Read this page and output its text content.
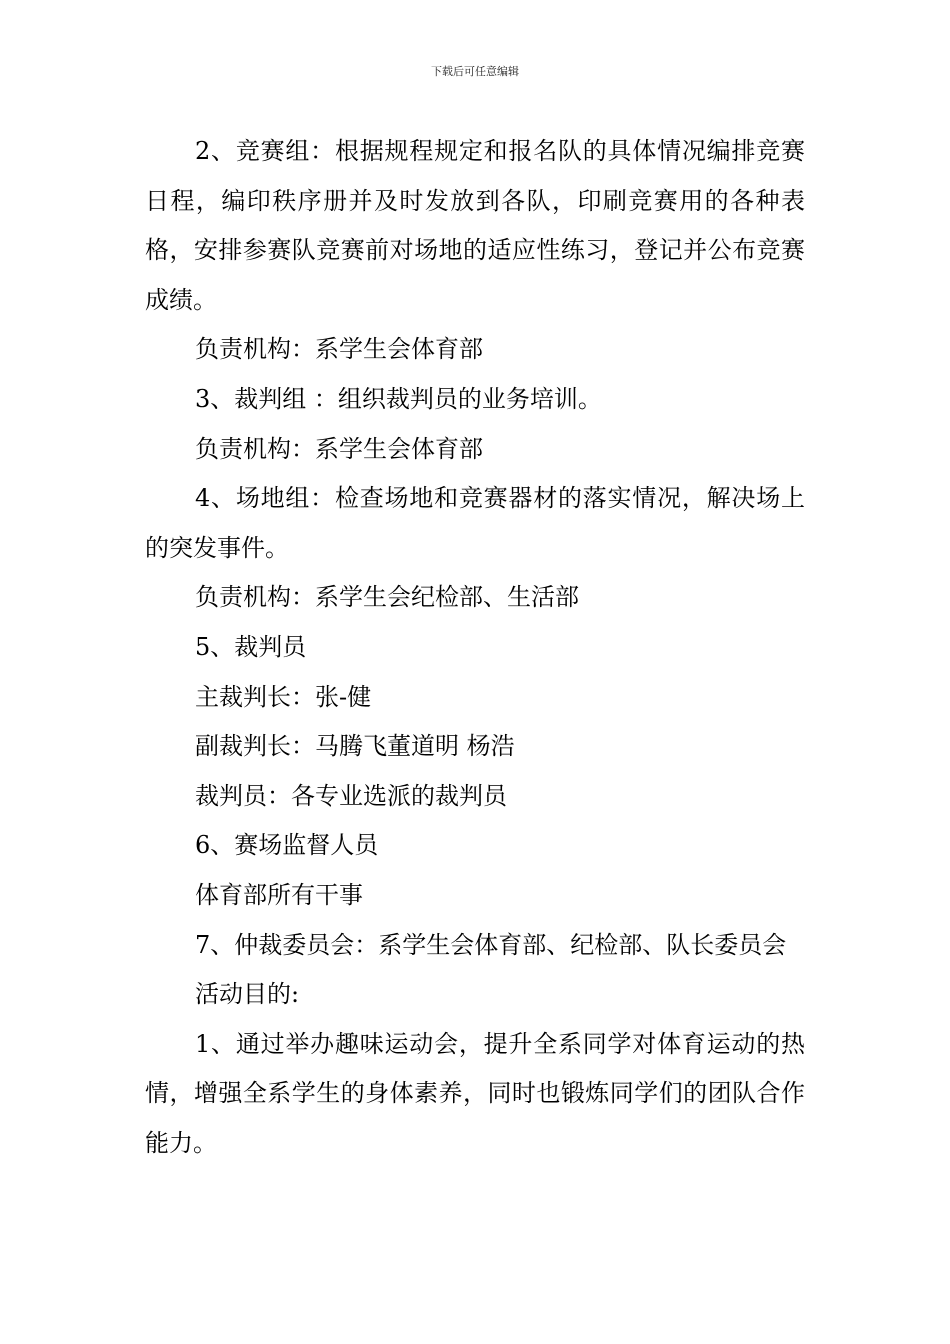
下载后可任意编辑

2、竞赛组：根据规程规定和报名队的具体情况编排竞赛日程，编印秩序册并及时发放到各队，印刷竞赛用的各种表格，安排参赛队竞赛前对场地的适应性练习，登记并公布竞赛成绩。

负责机构：系学生会体育部

3、裁判组 ：组织裁判员的业务培训。

负责机构：系学生会体育部

4、场地组：检查场地和竞赛器材的落实情况，解决场上的突发事件。

负责机构：系学生会纪检部、生活部

5、裁判员

主裁判长：张-健

副裁判长：马腾飞董道明 杨浩

裁判员：各专业选派的裁判员

6、赛场监督人员

体育部所有干事

7、仲裁委员会：系学生会体育部、纪检部、队长委员会

活动目的:

1、通过举办趣味运动会，提升全系同学对体育运动的热情，增强全系学生的身体素养，同时也锻炼同学们的团队合作能力。
